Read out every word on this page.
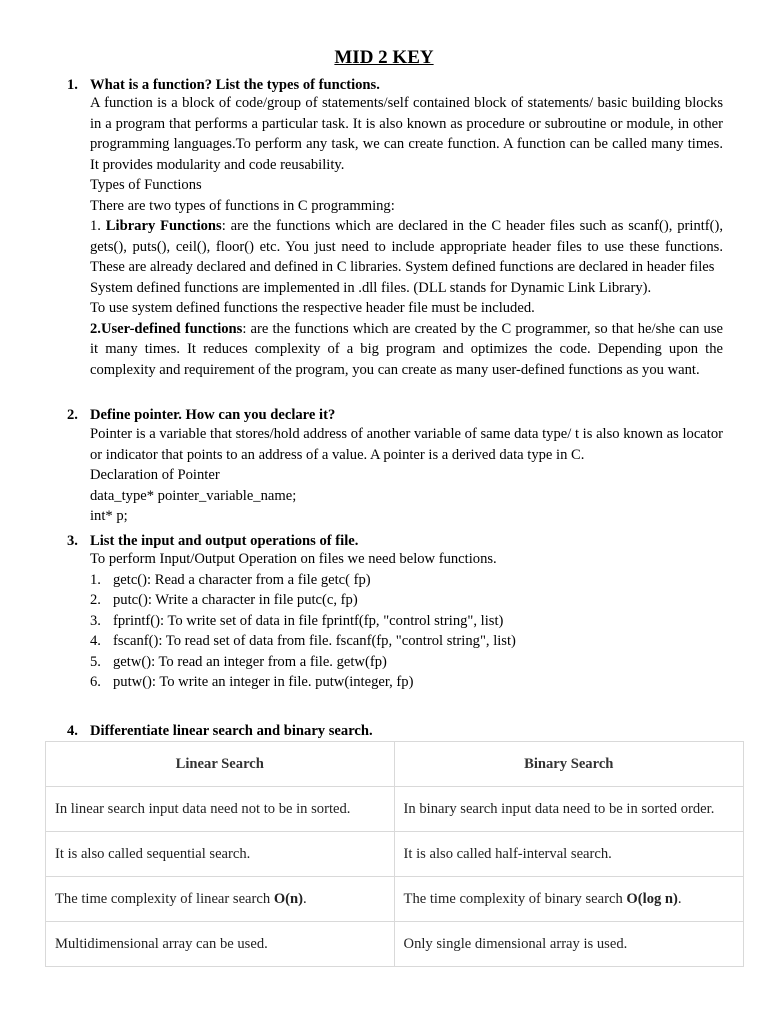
MID 2 KEY
1. What is a function? List the types of functions.

A function is a block of code/group of statements/self contained block of statements/ basic building blocks in a program that performs a particular task. It is also known as procedure or subroutine or module, in other programming languages.To perform any task, we can create function. A function can be called many times. It provides modularity and code reusability.

Types of Functions

There are two types of functions in C programming:

1. Library Functions: are the functions which are declared in the C header files such as scanf(), printf(), gets(), puts(), ceil(), floor() etc. You just need to include appropriate header files to use these functions. These are already declared and defined in C libraries. System defined functions are declared in header files

System defined functions are implemented in .dll files. (DLL stands for Dynamic Link Library).

To use system defined functions the respective header file must be included.

2.User-defined functions: are the functions which are created by the C programmer, so that he/she can use it many times. It reduces complexity of a big program and optimizes the code. Depending upon the complexity and requirement of the program, you can create as many user-defined functions as you want.

2. Define pointer. How can you declare it?

Pointer is a variable that stores/hold address of another variable of same data type/ t is also known as locator or indicator that points to an address of a value. A pointer is a derived data type in C.

Declaration of Pointer

data_type* pointer_variable_name;

int* p;

3. List the input and output operations of file.

To perform Input/Output Operation on files we need below functions.

1. getc(): Read a character from a file getc( fp)
2. putc(): Write a character in file putc(c, fp)
3. fprintf(): To write set of data in file fprintf(fp, "control string", list)
4. fscanf(): To read set of data from file. fscanf(fp, "control string", list)
5. getw(): To read an integer from a file. getw(fp)
6. putw(): To write an integer in file. putw(integer, fp)
4. Differentiate linear search and binary search.
Linear Search	Binary Search
In linear search input data need not to be in sorted.	In binary search input data need to be in sorted order.
It is also called sequential search.	It is also called half-interval search.
The time complexity of linear search O(n).	The time complexity of binary search O(log n).
Multidimensional array can be used.	Only single dimensional array is used.
